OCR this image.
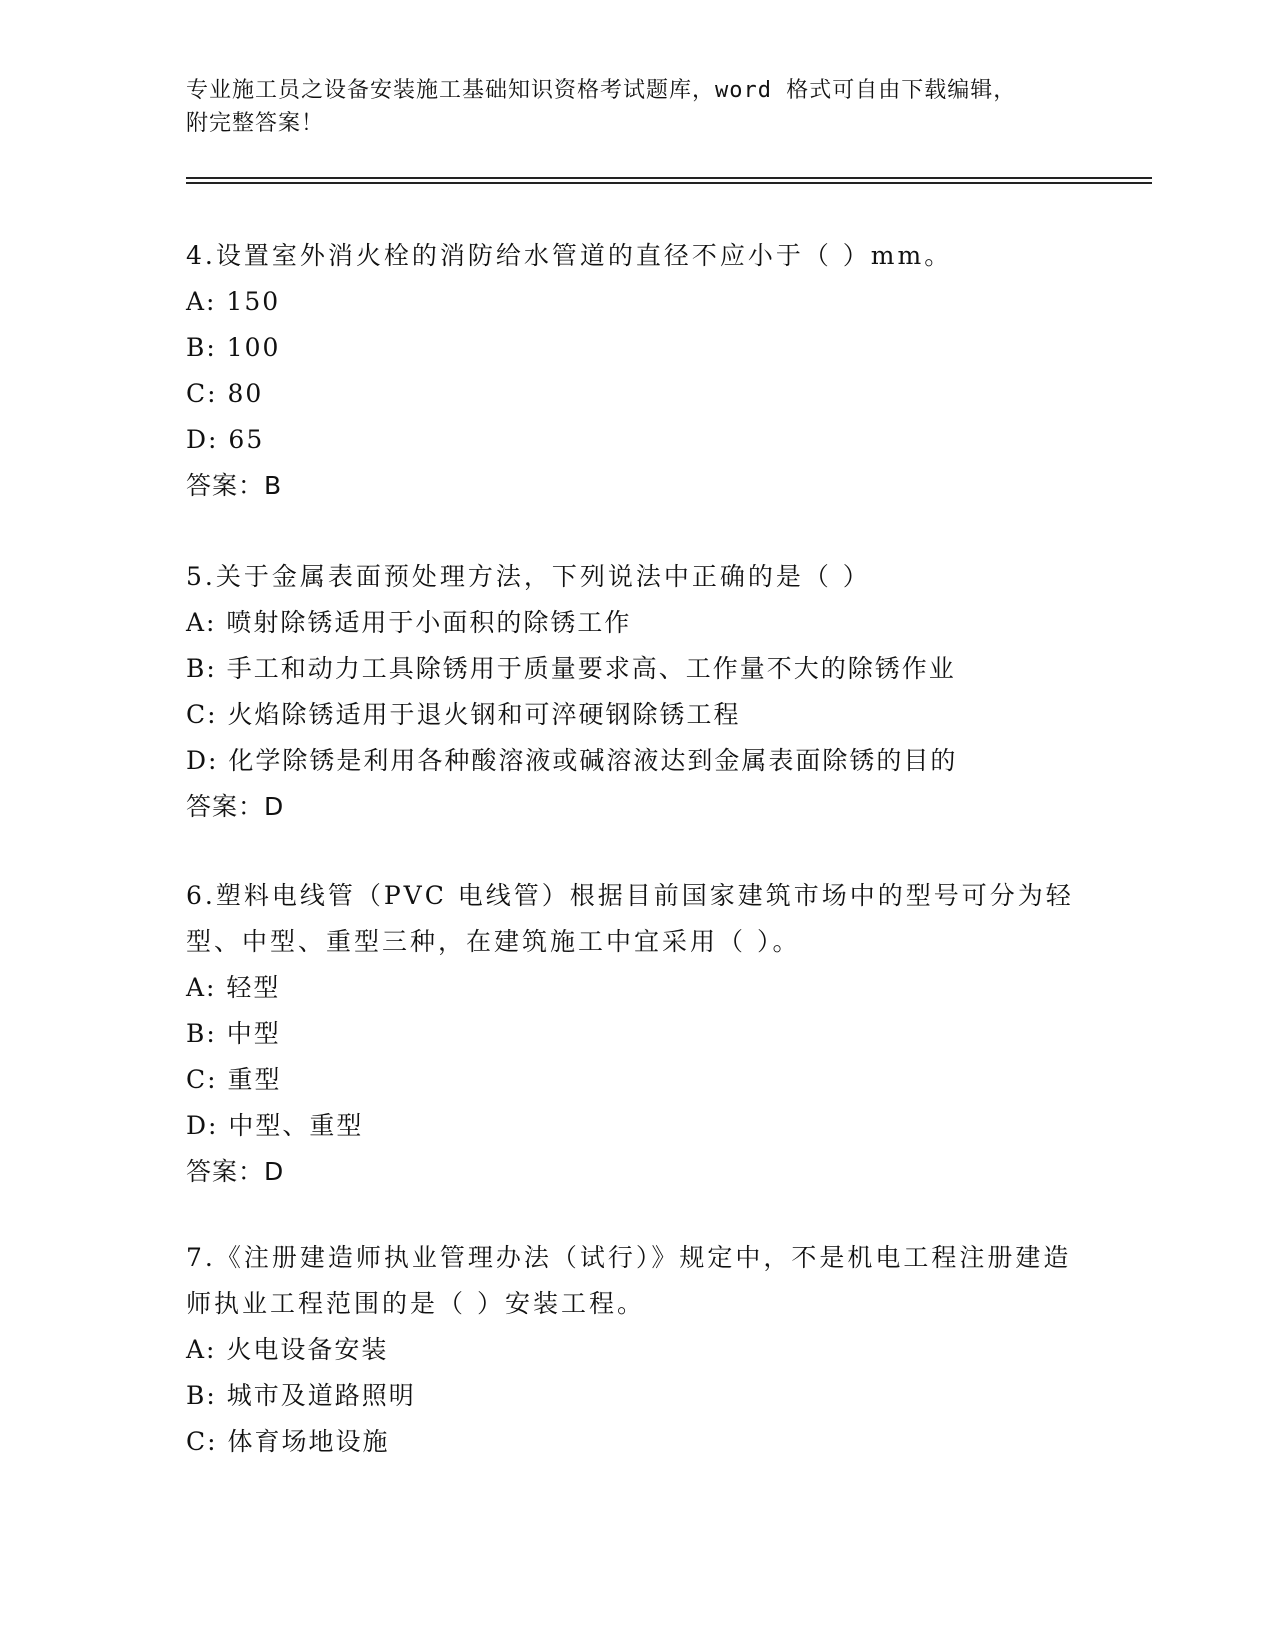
专业施工员之设备安装施工基础知识资格考试题库，word 格式可自由下载编辑，
附完整答案！
4.设置室外消火栓的消防给水管道的直径不应小于（ ）mm。
A: 150
B: 100
C: 80
D: 65
答案：B
5.关于金属表面预处理方法，下列说法中正确的是（ ）
A: 喷射除锈适用于小面积的除锈工作
B: 手工和动力工具除锈用于质量要求高、工作量不大的除锈作业
C: 火焰除锈适用于退火钢和可淬硬钢除锈工程
D: 化学除锈是利用各种酸溶液或碱溶液达到金属表面除锈的目的
答案：D
6.塑料电线管（PVC 电线管）根据目前国家建筑市场中的型号可分为轻型、中型、重型三种，在建筑施工中宜采用（ ）。
A: 轻型
B: 中型
C: 重型
D: 中型、重型
答案：D
7.《注册建造师执业管理办法（试行）》规定中，不是机电工程注册建造师执业工程范围的是（ ）安装工程。
A: 火电设备安装
B: 城市及道路照明
C: 体育场地设施
